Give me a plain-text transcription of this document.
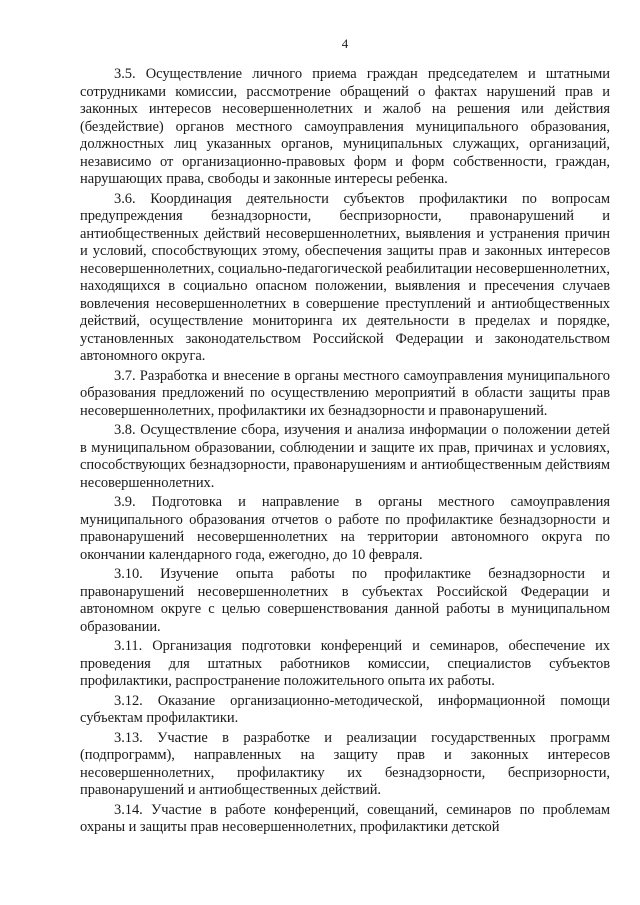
4

3.5. Осуществление личного приема граждан председателем и штатными сотрудниками комиссии, рассмотрение обращений о фактах нарушений прав и законных интересов несовершеннолетних и жалоб на решения или действия (бездействие) органов местного самоуправления муниципального образования, должностных лиц указанных органов, муниципальных служащих, организаций, независимо от организационно-правовых форм и форм собственности, граждан, нарушающих права, свободы и законные интересы ребенка.

3.6. Координация деятельности субъектов профилактики по вопросам предупреждения безнадзорности, беспризорности, правонарушений и антиобщественных действий несовершеннолетних, выявления и устранения причин и условий, способствующих этому, обеспечения защиты прав и законных интересов несовершеннолетних, социально-педагогической реабилитации несовершеннолетних, находящихся в социально опасном положении, выявления и пресечения случаев вовлечения несовершеннолетних в совершение преступлений и антиобщественных действий, осуществление мониторинга их деятельности в пределах и порядке, установленных законодательством Российской Федерации и законодательством автономного округа.

3.7. Разработка и внесение в органы местного самоуправления муниципального образования предложений по осуществлению мероприятий в области защиты прав несовершеннолетних, профилактики их безнадзорности и правонарушений.

3.8. Осуществление сбора, изучения и анализа информации о положении детей в муниципальном образовании, соблюдении и защите их прав, причинах и условиях, способствующих безнадзорности, правонарушениям и антиобщественным действиям несовершеннолетних.

3.9. Подготовка и направление в органы местного самоуправления муниципального образования отчетов о работе по профилактике безнадзорности и правонарушений несовершеннолетних на территории автономного округа по окончании календарного года, ежегодно, до 10 февраля.

3.10. Изучение опыта работы по профилактике безнадзорности и правонарушений несовершеннолетних в субъектах Российской Федерации и автономном округе с целью совершенствования данной работы в муниципальном образовании.

3.11. Организация подготовки конференций и семинаров, обеспечение их проведения для штатных работников комиссии, специалистов субъектов профилактики, распространение положительного опыта их работы.

3.12. Оказание организационно-методической, информационной помощи субъектам профилактики.

3.13. Участие в разработке и реализации государственных программ (подпрограмм), направленных на защиту прав и законных интересов несовершеннолетних, профилактику их безнадзорности, беспризорности, правонарушений и антиобщественных действий.

3.14. Участие в работе конференций, совещаний, семинаров по проблемам охраны и защиты прав несовершеннолетних, профилактики детской
